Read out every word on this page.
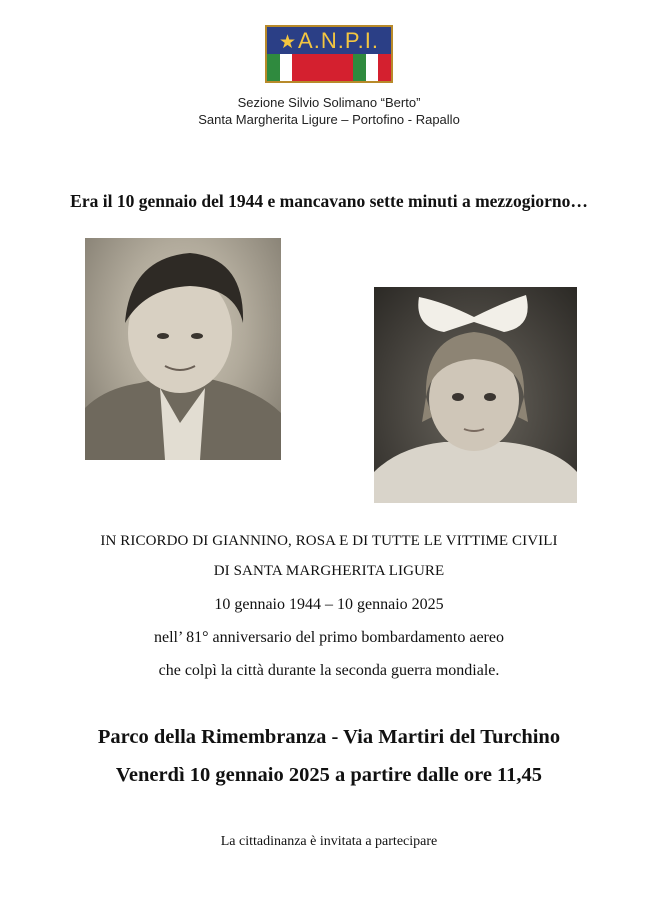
★A.N.P.I.
Sezione Silvio Solimano “Berto”
Santa Margherita Ligure – Portofino - Rapallo
Era il 10 gennaio del 1944 e mancavano sette minuti a mezzogiorno…
IN RICORDO DI GIANNINO, ROSA E DI TUTTE LE VITTIME CIVILI
DI SANTA MARGHERITA LIGURE
10 gennaio 1944 – 10 gennaio 2025
nell’ 81° anniversario del primo bombardamento aereo
che colpì la città durante la seconda guerra mondiale.
Parco della Rimembranza - Via Martiri del Turchino
Venerdì 10 gennaio 2025 a partire dalle ore 11,45
La cittadinanza è invitata a partecipare
